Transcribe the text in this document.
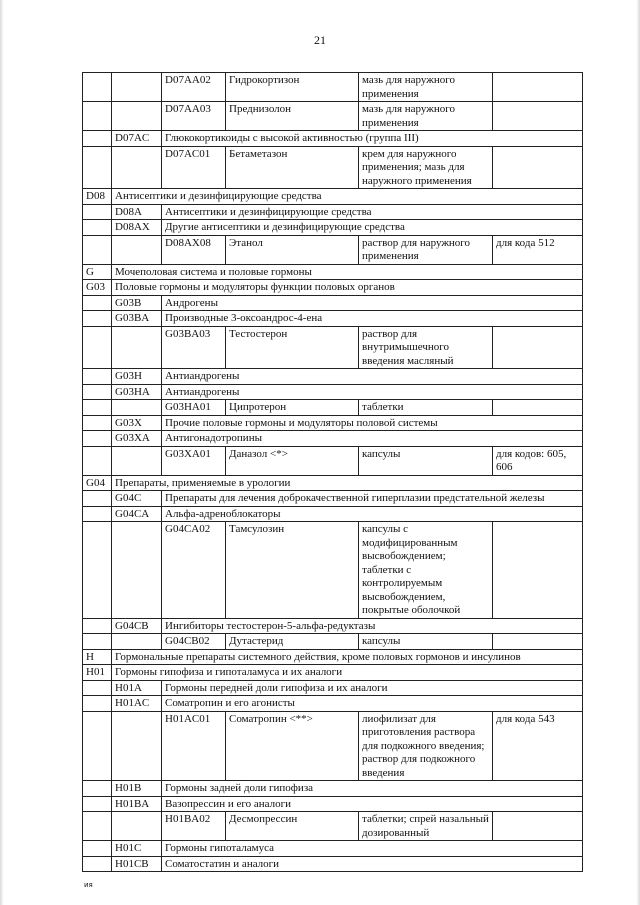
21
		D07AA02	Гидрокортизон	мазь для наружного применения	
		D07AA03	Преднизолон	мазь для наружного применения	
	D07AC	Глюкокортикоиды с высокой активностью (группа III)			
		D07AC01	Бетаметазон	крем для наружного применения; мазь для наружного применения	
D08	Антисептики и дезинфицирующие средства				
	D08A	Антисептики и дезинфицирующие средства			
	D08AX	Другие антисептики и дезинфицирующие средства			
		D08AX08	Этанол	раствор для наружного применения	для кода 512
G	Мочеполовая система и половые гормоны				
G03	Половые гормоны и модуляторы функции половых органов				
	G03B	Андрогены			
	G03BA	Производные 3-оксоандрос-4-ена			
		G03BA03	Тестостерон	раствор для внутримышечного введения масляный	
	G03H	Антиандрогены			
	G03HA	Антиандрогены			
		G03HA01	Ципротерон	таблетки	
	G03X	Прочие половые гормоны и модуляторы половой системы			
	G03XA	Антигонадотропины			
		G03XA01	Даназол <*>	капсулы	для кодов: 605, 606
G04	Препараты, применяемые в урологии				
	G04C	Препараты для лечения доброкачественной гиперплазии предстательной железы			
	G04CA	Альфа-адреноблокаторы			
		G04CA02	Тамсулозин	капсулы с модифицированным высвобождением; таблетки с контролируемым высвобождением, покрытые оболочкой	
	G04CB	Ингибиторы тестостерон-5-альфа-редуктазы			
		G04CB02	Дутастерид	капсулы	
H	Гормональные препараты системного действия, кроме половых гормонов и инсулинов				
H01	Гормоны гипофиза и гипоталамуса и их аналоги				
	H01A	Гормоны передней доли гипофиза и их аналоги			
	H01AC	Соматропин и его агонисты			
		H01AC01	Соматропин <**>	лиофилизат для приготовления раствора для подкожного введения; раствор для подкожного введения	для кода 543
	H01B	Гормоны задней доли гипофиза			
	H01BA	Вазопрессин и его аналоги			
		H01BA02	Десмопрессин	таблетки; спрей назальный дозированный	
	H01C	Гормоны гипоталамуса			
	H01CB	Соматостатин и аналоги			
ия
